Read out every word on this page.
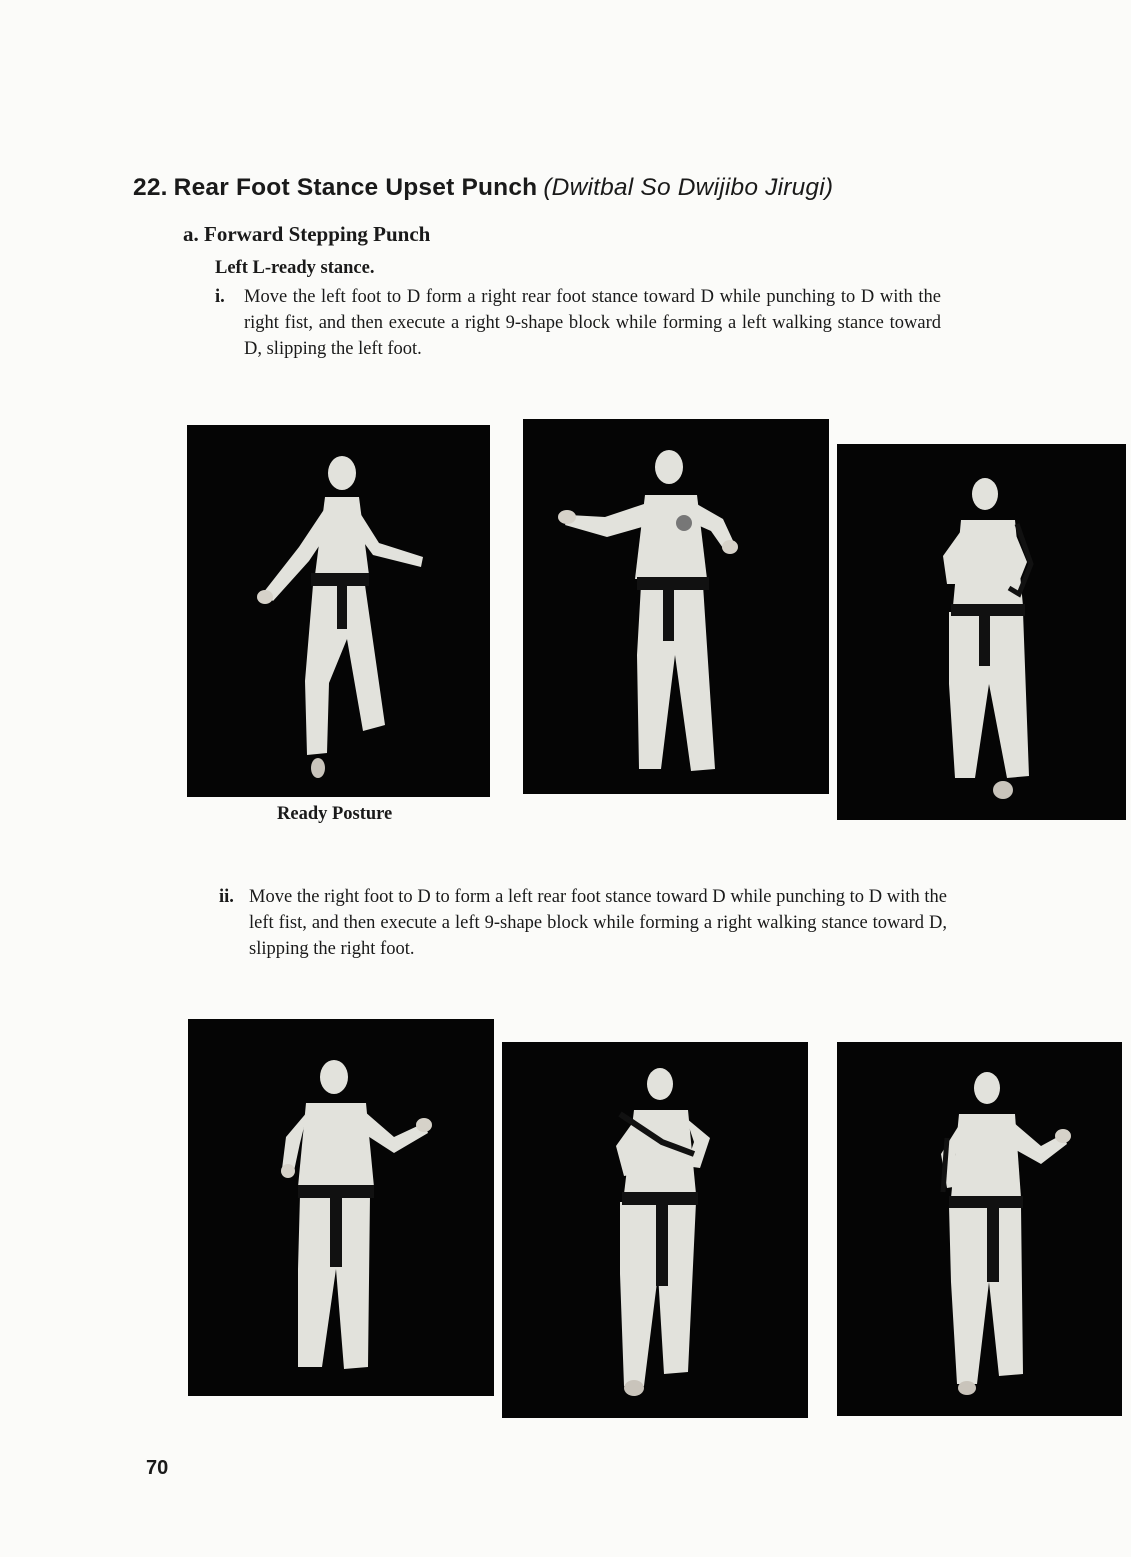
22. Rear Foot Stance Upset Punch (Dwitbal So Dwijibo Jirugi)
a. Forward Stepping Punch
Left L-ready stance.
i.	Move the left foot to D form a right rear foot stance toward D while punching to D with the right fist, and then execute a right 9-shape block while forming a left walking stance toward D, slipping the left foot.
Ready Posture
ii. Move the right foot to D to form a left rear foot stance toward D while punching to D with the left fist, and then execute a left 9-shape block while forming a right walking stance toward D, slipping the right foot.
70
